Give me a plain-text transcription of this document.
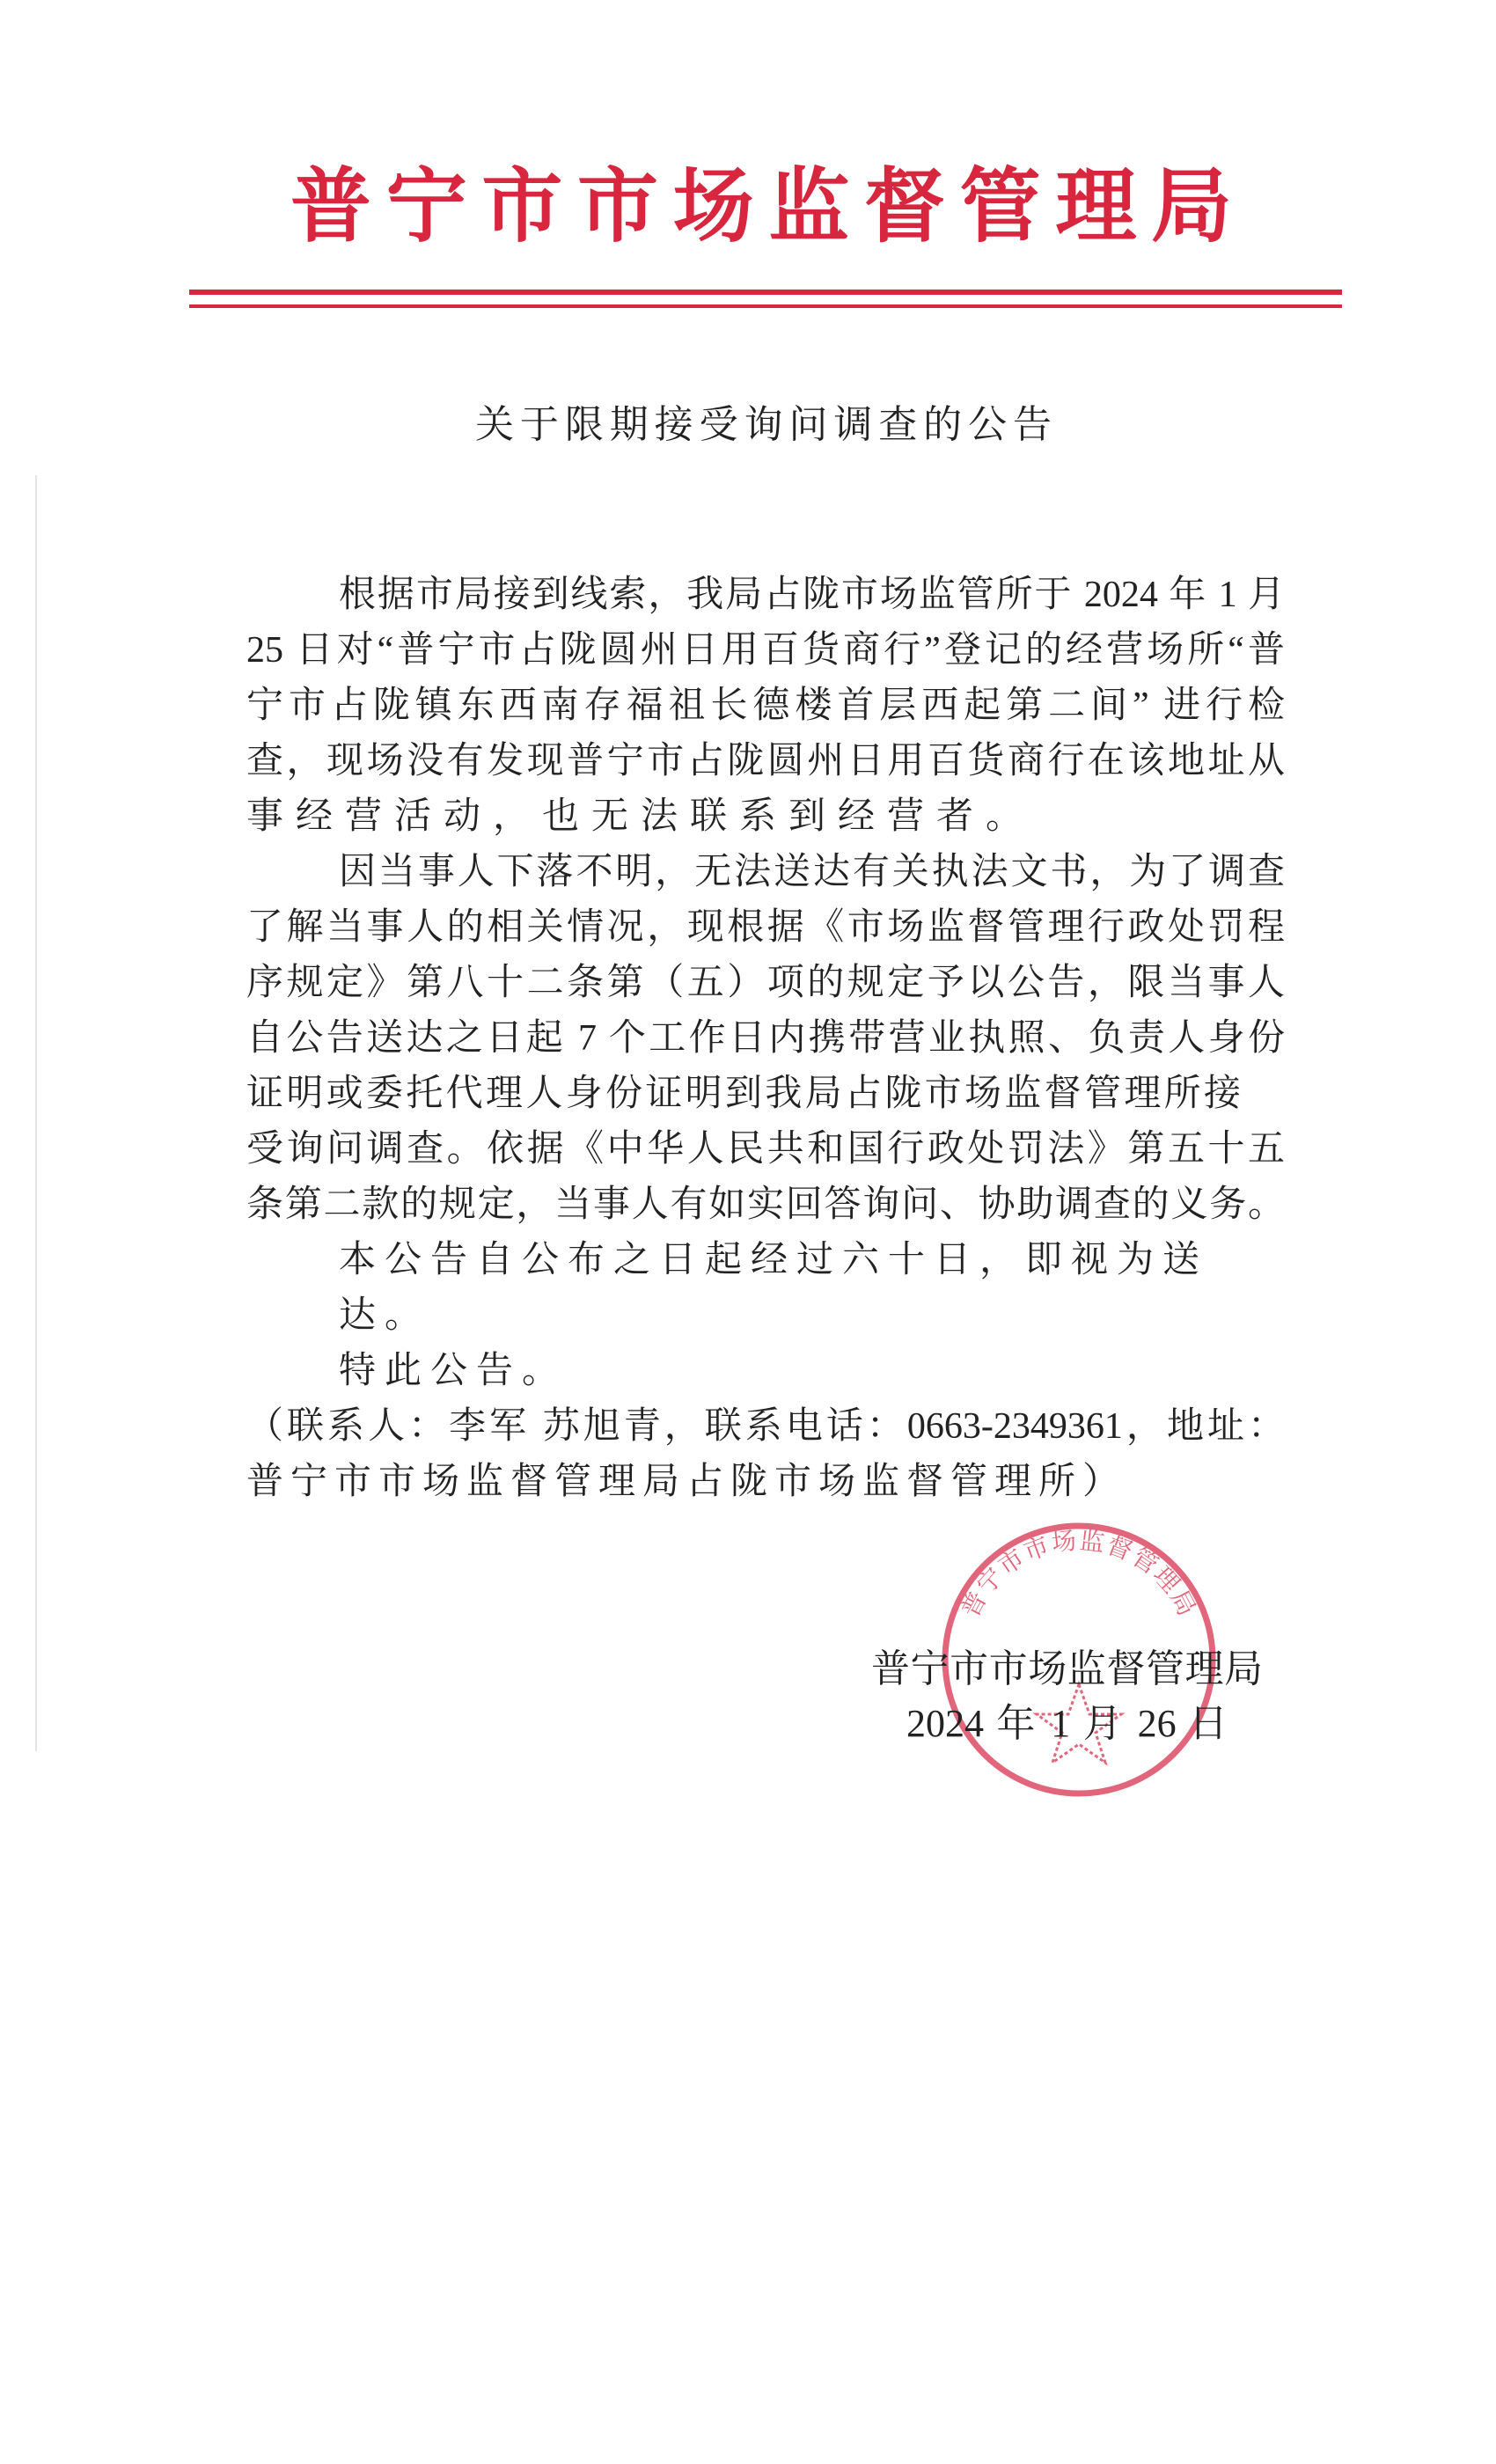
普宁市市场监督管理局
关于限期接受询问调查的公告
根据市局接到线索，我局占陇市场监管所于 2024 年 1 月
25 日对“普宁市占陇圆州日用百货商行”登记的经营场所“普
宁市占陇镇东西南存福祖长德楼首层西起第二间” 进行检
查，现场没有发现普宁市占陇圆州日用百货商行在该地址从
事经营活动，也无法联系到经营者。
因当事人下落不明，无法送达有关执法文书，为了调查
了解当事人的相关情况，现根据《市场监督管理行政处罚程
序规定》第八十二条第（五）项的规定予以公告，限当事人
自公告送达之日起 7 个工作日内携带营业执照、负责人身份
证明或委托代理人身份证明到我局占陇市场监督管理所接
受询问调查。依据《中华人民共和国行政处罚法》第五十五
条第二款的规定，当事人有如实回答询问、协助调查的义务。
本公告自公布之日起经过六十日，即视为送达。
特此公告。
（联系人：李军 苏旭青，联系电话：0663-2349361，地址：
普宁市市场监督管理局占陇市场监督管理所）
普宁市市场监督管理局
普宁市市场监督管理局
2024 年 1 月 26 日
